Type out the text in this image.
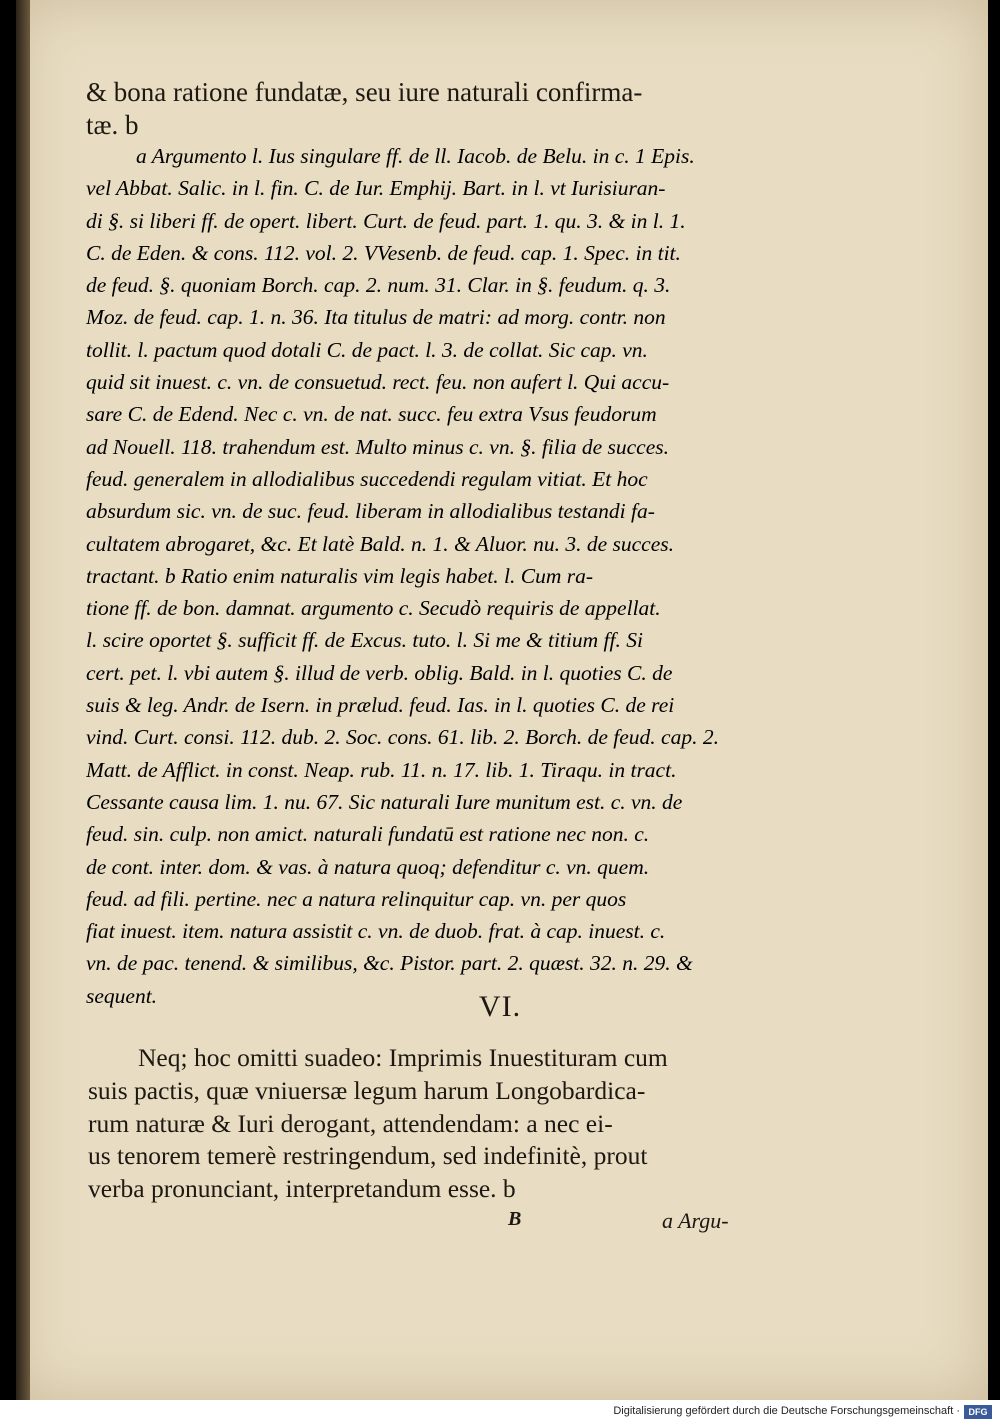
& bona ratione fundatæ, seu iure naturali confirma-
tæ. b
a Argumento l. Ius singulare ff. de ll. Iacob. de Belu. in c. 1 Epis.
vel Abbat. Salic. in l. fin. C. de Iur. Emphij. Bart. in l. vt Iurisiuran-
di §. si liberi ff. de opert. libert. Curt. de feud. part. 1. qu. 3. & in l. 1.
C. de Eden. & cons. 112. vol. 2. VVesenb. de feud. cap. 1. Spec. in tit.
de feud. §. quoniam Borch. cap. 2. num. 31. Clar. in §. feudum. q. 3.
Moz. de feud. cap. 1. n. 36. Ita titulus de matri: ad morg. contr. non
tollit. l. pactum quod dotali C. de pact. l. 3. de collat. Sic cap. vn.
quid sit inuest. c. vn. de consuetud. rect. feu. non aufert l. Qui accu-
sare C. de Edend. Nec c. vn. de nat. succ. feu extra Vsus feudorum
ad Nouell. 118. trahendum est. Multo minus c. vn. §. filia de succes.
feud. generalem in allodialibus succedendi regulam vitiat. Et hoc
absurdum sic. vn. de suc. feud. liberam in allodialibus testandi fa-
cultatem abrogaret, &c. Et latè Bald. n. 1. & Aluor. nu. 3. de succes.
tractant. b Ratio enim naturalis vim legis habet. l. Cum ra-
tione ff. de bon. damnat. argumento c. Secudò requiris de appellat.
l. scire oportet §. sufficit ff. de Excus. tuto. l. Si me & titium ff. Si
cert. pet. l. vbi autem §. illud de verb. oblig. Bald. in l. quoties C. de
suis & leg. Andr. de Isern. in prælud. feud. Ias. in l. quoties C. de rei
vind. Curt. consi. 112. dub. 2. Soc. cons. 61. lib. 2. Borch. de feud. cap. 2.
Matt. de Afflict. in const. Neap. rub. 11. n. 17. lib. 1. Tiraqu. in tract.
Cessante causa lim. 1. nu. 67. Sic naturali Iure munitum est. c. vn. de
feud. sin. culp. non amict. naturali fundatū est ratione nec non. c.
de cont. inter. dom. & vas. à natura quoq; defenditur c. vn. quem.
feud. ad fili. pertine. nec a natura relinquitur cap. vn. per quos
fiat inuest. item. natura assistit c. vn. de duob. frat. à cap. inuest. c.
vn. de pac. tenend. & similibus, &c. Pistor. part. 2. quæst. 32. n. 29. &
sequent.	VI.
Neq; hoc omitti suadeo: Imprimis Inuestituram cum
suis pactis, quæ vniuersæ legum harum Longobardica-
rum naturæ & Iuri derogant, attendendam: a nec ei-
us tenorem temerè restringendum, sed indefinitè, prout
verba pronunciant, interpretandum esse. b
B	a Argu-
Digitalisierung gefördert durch die Deutsche Forschungsgemeinschaft · DFG
